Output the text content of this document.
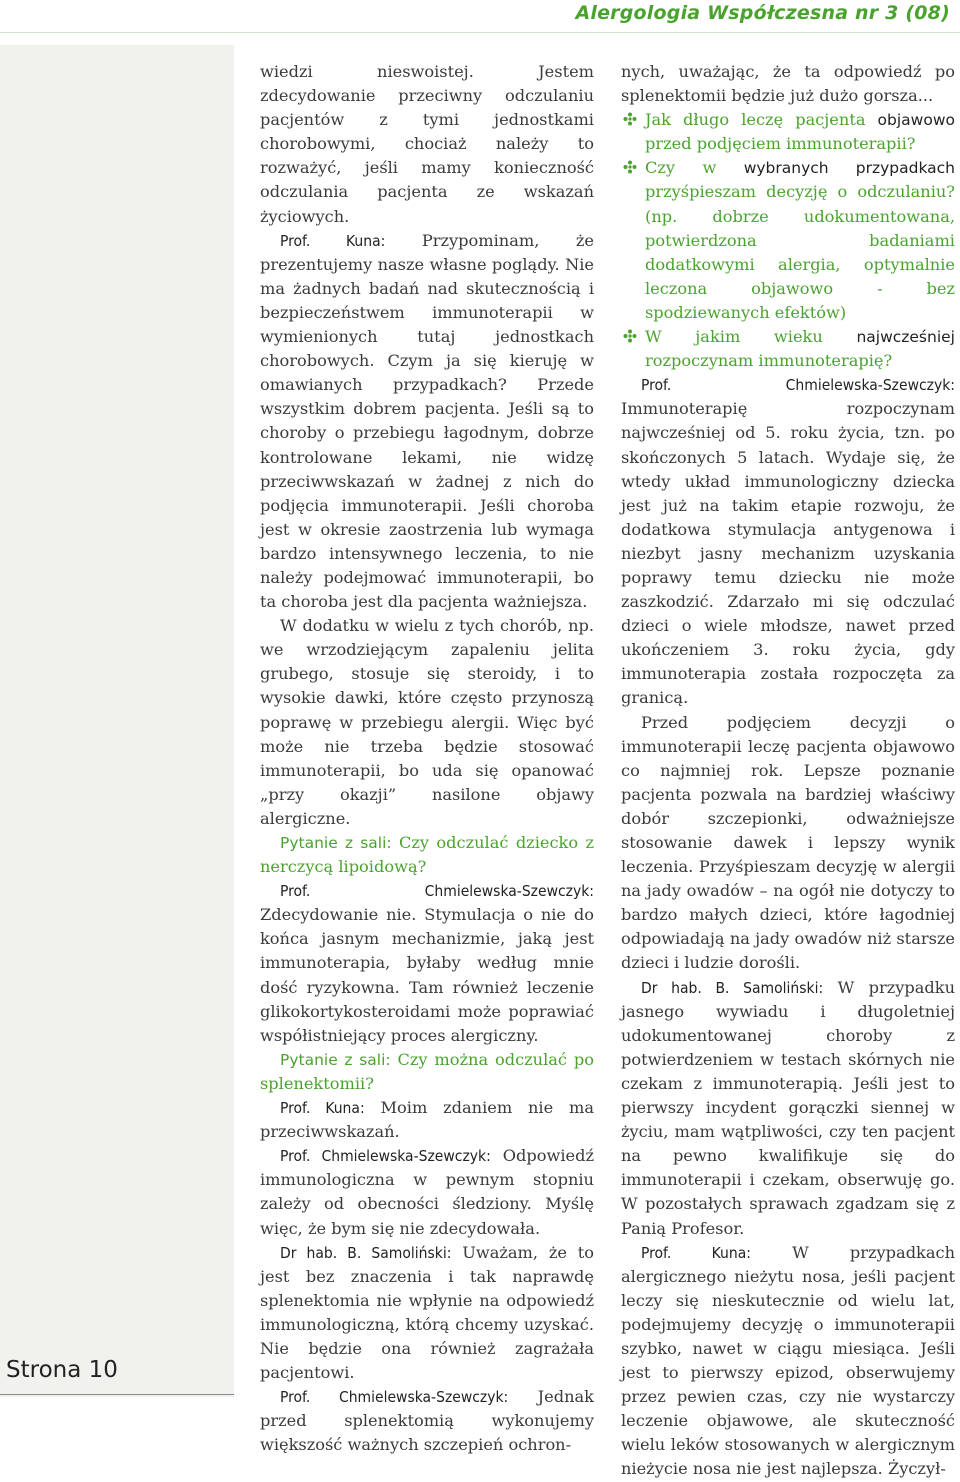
Alergologia Współczesna nr 3 (08)
Strona 10

wiedzi nieswoistej. Jestem zdecydowanie przeciwny odczulaniu pacjentów z tymi jednostkami chorobowymi, chociaż należy to rozważyć, jeśli mamy konieczność odczulania pacjenta ze wskazań życiowych.

Prof. Kuna: Przypominam, że prezentujemy nasze własne poglądy. Nie ma żadnych badań nad skutecznością i bezpieczeństwem immunoterapii w wymienionych tutaj jednostkach chorobowych. Czym ja się kieruję w omawianych przypadkach? Przede wszystkim dobrem pacjenta. Jeśli są to choroby o przebiegu łagodnym, dobrze kontrolowane lekami, nie widzę przeciwwskazań w żadnej z nich do podjęcia immunoterapii. Jeśli choroba jest w okresie zaostrzenia lub wymaga bardzo intensywnego leczenia, to nie należy podejmować immunoterapii, bo ta choroba jest dla pacjenta ważniejsza.

W dodatku w wielu z tych chorób, np. we wrzodziejącym zapaleniu jelita grubego, stosuje się steroidy, i to wysokie dawki, które często przynoszą poprawę w przebiegu alergii. Więc być może nie trzeba będzie stosować immunoterapii, bo uda się opanować „przy okazji” nasilone objawy alergiczne.

Pytanie z sali: Czy odczulać dziecko z nerczycą lipoidową?

Prof. Chmielewska-Szewczyk: Zdecydowanie nie. Stymulacja o nie do końca jasnym mechanizmie, jaką jest immunoterapia, byłaby według mnie dość ryzykowna. Tam również leczenie glikokortykosteroidami może poprawiać współistniejący proces alergiczny.

Pytanie z sali: Czy można odczulać po splenektomii?

Prof. Kuna: Moim zdaniem nie ma przeciwwskazań.

Prof. Chmielewska-Szewczyk: Odpowiedź immunologiczna w pewnym stopniu zależy od obecności śledziony. Myślę więc, że bym się nie zdecydowała.

Dr hab. B. Samoliński: Uważam, że to jest bez znaczenia i tak naprawdę splenektomia nie wpłynie na odpowiedź immunologiczną, którą chcemy uzyskać. Nie będzie ona również zagrażała pacjentowi.

Prof. Chmielewska-Szewczyk: Jednak przed splenektomią wykonujemy większość ważnych szczepień ochron-

nych, uważając, że ta odpowiedź po splenektomii będzie już dużo gorsza...

Jak długo leczę pacjenta objawowo przed podjęciem immunoterapii?
Czy w wybranych przypadkach przyśpieszam decyzję o odczulaniu? (np. dobrze udokumentowana, potwierdzona badaniami dodatkowymi alergia, optymalnie leczona objawowo - bez spodziewanych efektów)
W jakim wieku najwcześniej rozpoczynam immunoterapię?

Prof. Chmielewska-Szewczyk: Immunoterapię rozpoczynam najwcześniej od 5. roku życia, tzn. po skończonych 5 latach. Wydaje się, że wtedy układ immunologiczny dziecka jest już na takim etapie rozwoju, że dodatkowa stymulacja antygenowa i niezbyt jasny mechanizm uzyskania poprawy temu dziecku nie może zaszkodzić. Zdarzało mi się odczulać dzieci o wiele młodsze, nawet przed ukończeniem 3. roku życia, gdy immunoterapia została rozpoczęta za granicą.

Przed podjęciem decyzji o immunoterapii leczę pacjenta objawowo co najmniej rok. Lepsze poznanie pacjenta pozwala na bardziej właściwy dobór szczepionki, odważniejsze stosowanie dawek i lepszy wynik leczenia. Przyśpieszam decyzję w alergii na jady owadów – na ogół nie dotyczy to bardzo małych dzieci, które łagodniej odpowiadają na jady owadów niż starsze dzieci i ludzie dorośli.

Dr hab. B. Samoliński: W przypadku jasnego wywiadu i długoletniej udokumentowanej choroby z potwierdzeniem w testach skórnych nie czekam z immunoterapią. Jeśli jest to pierwszy incydent gorączki siennej w życiu, mam wątpliwości, czy ten pacjent na pewno kwalifikuje się do immunoterapii i czekam, obserwuję go. W pozostałych sprawach zgadzam się z Panią Profesor.

Prof. Kuna: W przypadkach alergicznego nieżytu nosa, jeśli pacjent leczy się nieskutecznie od wielu lat, podejmujemy decyzję o immunoterapii szybko, nawet w ciągu miesiąca. Jeśli jest to pierwszy epizod, obserwujemy przez pewien czas, czy nie wystarczy leczenie objawowe, ale skuteczność wielu leków stosowanych w alergicznym nieżycie nosa nie jest najlepsza. Życzył-
